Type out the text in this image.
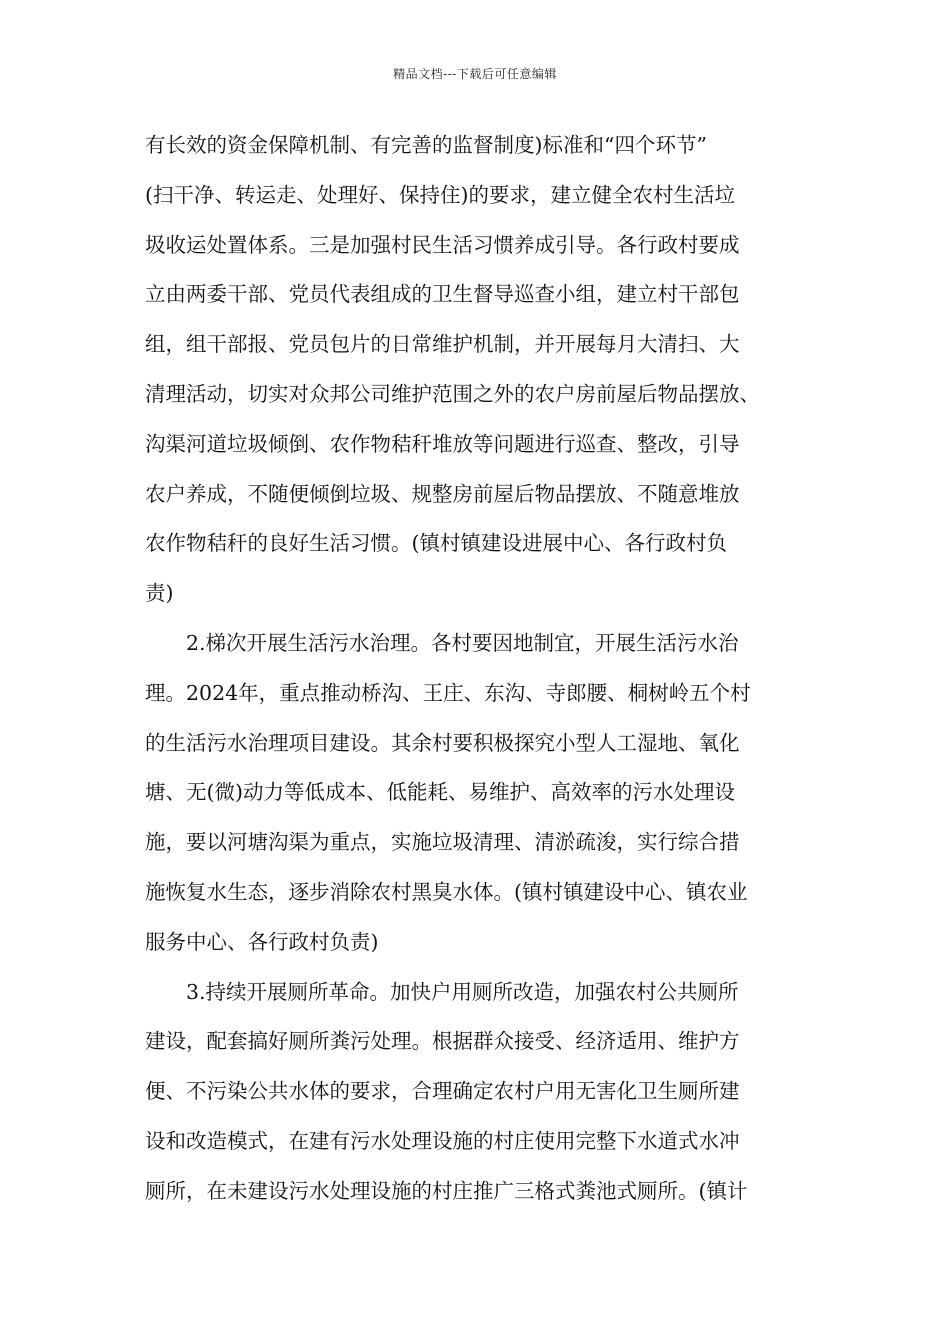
精品文档---下载后可任意编辑
有长效的资金保障机制、有完善的监督制度)标准和“四个环节”
(扫干净、转运走、处理好、保持住)的要求，建立健全农村生活垃
圾收运处置体系。三是加强村民生活习惯养成引导。各行政村要成
立由两委干部、党员代表组成的卫生督导巡查小组，建立村干部包
组，组干部报、党员包片的日常维护机制，并开展每月大清扫、大
清理活动，切实对众邦公司维护范围之外的农户房前屋后物品摆放、
沟渠河道垃圾倾倒、农作物秸秆堆放等问题进行巡查、整改，引导
农户养成，不随便倾倒垃圾、规整房前屋后物品摆放、不随意堆放
农作物秸秆的良好生活习惯。(镇村镇建设进展中心、各行政村负
责)
2.梯次开展生活污水治理。各村要因地制宜，开展生活污水治
理。2024年，重点推动桥沟、王庄、东沟、寺郎腰、桐树岭五个村
的生活污水治理项目建设。其余村要积极探究小型人工湿地、氧化
塘、无(微)动力等低成本、低能耗、易维护、高效率的污水处理设
施，要以河塘沟渠为重点，实施垃圾清理、清淤疏浚，实行综合措
施恢复水生态，逐步消除农村黑臭水体。(镇村镇建设中心、镇农业
服务中心、各行政村负责)
3.持续开展厕所革命。加快户用厕所改造，加强农村公共厕所
建设，配套搞好厕所粪污处理。根据群众接受、经济适用、维护方
便、不污染公共水体的要求，合理确定农村户用无害化卫生厕所建
设和改造模式，在建有污水处理设施的村庄使用完整下水道式水冲
厕所，在未建设污水处理设施的村庄推广三格式粪池式厕所。(镇计
